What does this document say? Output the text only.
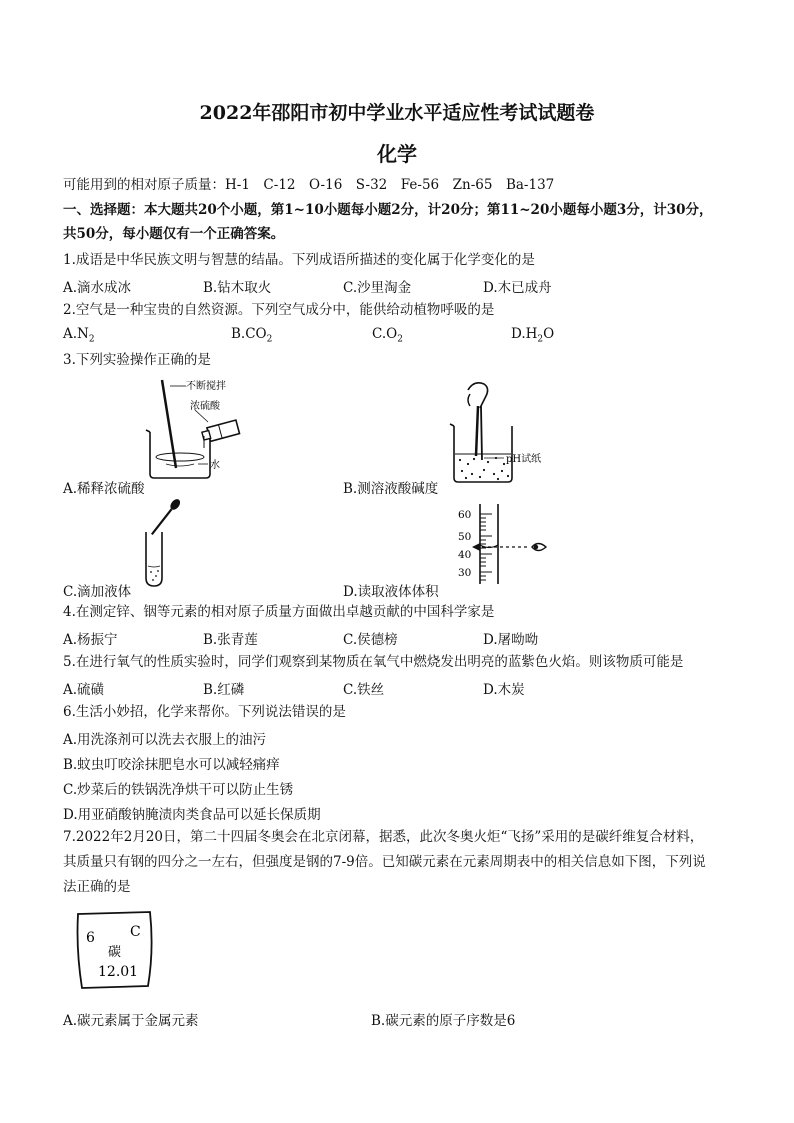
2022年邵阳市初中学业水平适应性考试试题卷
化学
可能用到的相对原子质量：H-1　C-12　O-16　S-32　Fe-56　Zn-65　Ba-137
一、选择题：本大题共20个小题，第1~10小题每小题2分，计20分；第11~20小题每小题3分，计30分，
共50分，每小题仅有一个正确答案。
1.成语是中华民族文明与智慧的结晶。下列成语所描述的变化属于化学变化的是
A.滴水成冰	B.钻木取火	C.沙里淘金	D.木已成舟
2.空气是一种宝贵的自然资源。下列空气成分中，能供给动植物呼吸的是
$A.N_2$	$B.CO_2$	$C.O_2$	$D.H_2O$
3.下列实验操作正确的是
不断搅拌
浓硫酸
水
A.稀释浓硫酸
pH试纸
B.测溶液酸碱度
C.滴加液体
60
50
40
30
D.读取液体体积
4.在测定锌、铟等元素的相对原子质量方面做出卓越贡献的中国科学家是
A.杨振宁	B.张青莲	C.侯德榜	D.屠呦呦
5.在进行氧气的性质实验时，同学们观察到某物质在氧气中燃烧发出明亮的蓝紫色火焰。则该物质可能是
A.硫磺	B.红磷	C.铁丝	D.木炭
6.生活小妙招，化学来帮你。下列说法错误的是
A.用洗涤剂可以洗去衣服上的油污
B.蚊虫叮咬涂抹肥皂水可以减轻痛痒
C.炒菜后的铁锅洗净烘干可以防止生锈
D.用亚硝酸钠腌渍肉类食品可以延长保质期
7.2022年2月20日，第二十四届冬奥会在北京闭幕，据悉，此次冬奥火炬“飞扬”采用的是碳纤维复合材料，
其质量只有钢的四分之一左右，但强度是钢的7-9倍。已知碳元素在元素周期表中的相关信息如下图，下列说
法正确的是
6	C
碳
12.01
A.碳元素属于金属元素	B.碳元素的原子序数是6
